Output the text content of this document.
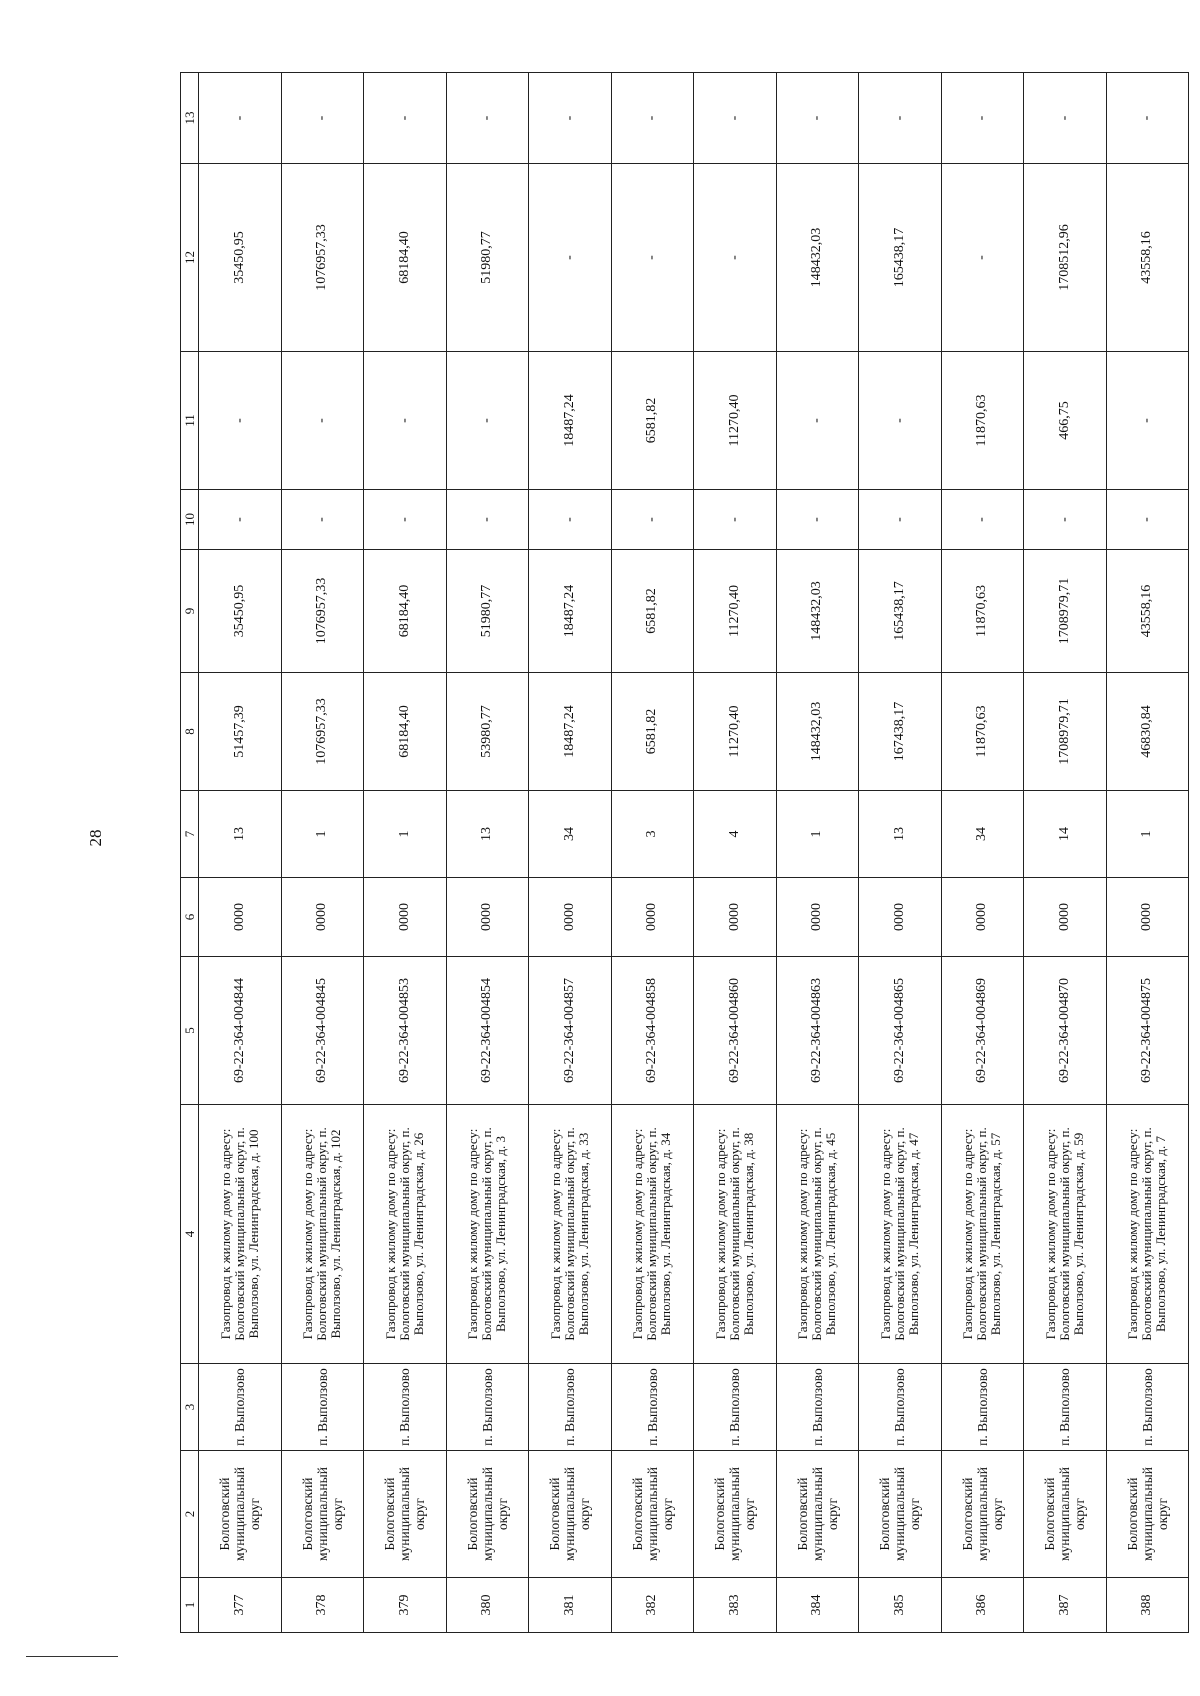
28
1	2	3	4	5	6	7	8	9	10	11	12	13
377	Бологовский муниципальный округ	п. Выползово	Газопровод к жилому дому по адресу: Бологовский муниципальный округ, п. Выползово, ул. Ленинградская, д. 100	69-22-364-004844	0000	13	51457,39	35450,95	-	-	35450,95	-
378	Бологовский муниципальный округ	п. Выползово	Газопровод к жилому дому по адресу: Бологовский муниципальный округ, п. Выползово, ул. Ленинградская, д. 102	69-22-364-004845	0000	1	1076957,33	1076957,33	-	-	1076957,33	-
379	Бологовский муниципальный округ	п. Выползово	Газопровод к жилому дому по адресу: Бологовский муниципальный округ, п. Выползово, ул. Ленинградская, д. 26	69-22-364-004853	0000	1	68184,40	68184,40	-	-	68184,40	-
380	Бологовский муниципальный округ	п. Выползово	Газопровод к жилому дому по адресу: Бологовский муниципальный округ, п. Выползово, ул. Ленинградская, д. 3	69-22-364-004854	0000	13	53980,77	51980,77	-	-	51980,77	-
381	Бологовский муниципальный округ	п. Выползово	Газопровод к жилому дому по адресу: Бологовский муниципальный округ, п. Выползово, ул. Ленинградская, д. 33	69-22-364-004857	0000	34	18487,24	18487,24	-	18487,24	-	-
382	Бологовский муниципальный округ	п. Выползово	Газопровод к жилому дому по адресу: Бологовский муниципальный округ, п. Выползово, ул. Ленинградская, д. 34	69-22-364-004858	0000	3	6581,82	6581,82	-	6581,82	-	-
383	Бологовский муниципальный округ	п. Выползово	Газопровод к жилому дому по адресу: Бологовский муниципальный округ, п. Выползово, ул. Ленинградская, д. 38	69-22-364-004860	0000	4	11270,40	11270,40	-	11270,40	-	-
384	Бологовский муниципальный округ	п. Выползово	Газопровод к жилому дому по адресу: Бологовский муниципальный округ, п. Выползово, ул. Ленинградская, д. 45	69-22-364-004863	0000	1	148432,03	148432,03	-	-	148432,03	-
385	Бологовский муниципальный округ	п. Выползово	Газопровод к жилому дому по адресу: Бологовский муниципальный округ, п. Выползово, ул. Ленинградская, д. 47	69-22-364-004865	0000	13	167438,17	165438,17	-	-	165438,17	-
386	Бологовский муниципальный округ	п. Выползово	Газопровод к жилому дому по адресу: Бологовский муниципальный округ, п. Выползово, ул. Ленинградская, д. 57	69-22-364-004869	0000	34	11870,63	11870,63	-	11870,63	-	-
387	Бологовский муниципальный округ	п. Выползово	Газопровод к жилому дому по адресу: Бологовский муниципальный округ, п. Выползово, ул. Ленинградская, д. 59	69-22-364-004870	0000	14	1708979,71	1708979,71	-	466,75	1708512,96	-
388	Бологовский муниципальный округ	п. Выползово	Газопровод к жилому дому по адресу: Бологовский муниципальный округ, п. Выползово, ул. Ленинградская, д. 7	69-22-364-004875	0000	1	46830,84	43558,16	-	-	43558,16	-
